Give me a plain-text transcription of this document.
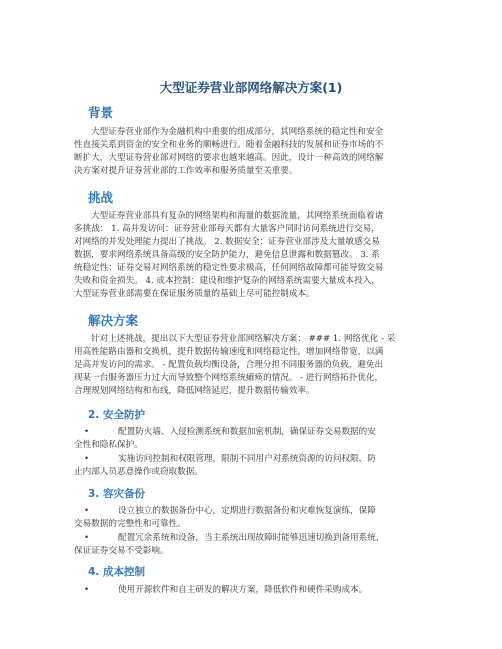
大型证券营业部网络解决方案(1)
背景

大型证券营业部作为金融机构中重要的组成部分，其网络系统的稳定性和安全
性直接关系到资金的安全和业务的顺畅进行。随着金融科技的发展和证券市场的不
断扩大，大型证券营业部对网络的要求也越来越高。因此，设计一种高效的网络解
决方案对提升证券营业部的工作效率和服务质量至关重要。

挑战

大型证券营业部具有复杂的网络架构和海量的数据流量，其网络系统面临着诸
多挑战： 1. 高并发访问：证券营业部每天都有大量客户同时访问系统进行交易，
对网络的并发处理能力提出了挑战。 2. 数据安全：证券营业部涉及大量敏感交易
数据，要求网络系统具备高级的安全防护能力，避免信息泄露和数据篡改。 3. 系
统稳定性：证券交易对网络系统的稳定性要求极高，任何网络故障都可能导致交易
失败和资金损失。 4. 成本控制：建设和维护复杂的网络系统需要大量成本投入，
大型证券营业部需要在保证服务质量的基础上尽可能控制成本。

解决方案

针对上述挑战，提出以下大型证券营业部网络解决方案： ### 1. 网络优化 - 采
用高性能路由器和交换机，提升数据传输速度和网络稳定性，增加网络带宽，以满
足高并发访问的需求。 - 配置负载均衡设备，合理分担不同服务器的负载，避免出
现某一台服务器压力过大而导致整个网络系统瘫痪的情况。 - 进行网络拓扑优化，
合理规划网络结构和布线，降低网络延迟，提升数据传输效率。

2. 安全防护
•	配置防火墙、入侵检测系统和数据加密机制，确保证券交易数据的安
全性和隐私保护。
•	实施访问控制和权限管理，限制不同用户对系统资源的访问权限，防
止内部人员恶意操作或窃取数据。
3. 容灾备份
•	设立独立的数据备份中心，定期进行数据备份和灾难恢复演练，保障
交易数据的完整性和可靠性。
•	配置冗余系统和设备，当主系统出现故障时能够迅速切换到备用系统，
保证证券交易不受影响。
4. 成本控制
•	使用开源软件和自主研发的解决方案，降低软件和硬件采购成本。
